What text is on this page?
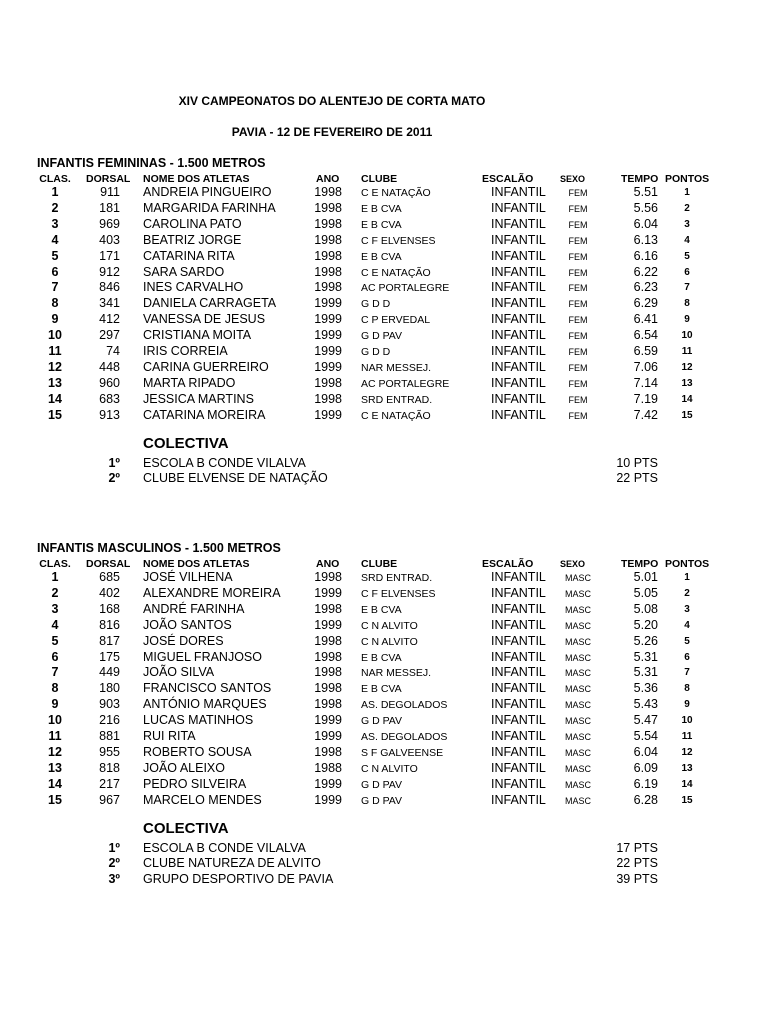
XIV CAMPEONATOS DO ALENTEJO DE CORTA MATO
PAVIA - 12 DE FEVEREIRO DE 2011
INFANTIS FEMININAS - 1.500 METROS
CLAS.	DORSAL NOME DOS ATLETAS	ANO CLUBE	ESCALÃO	SEXO	TEMPO PONTOS
1	911 ANDREIA PINGUEIRO	1998 C E NATAÇÃO	INFANTIL	FEM	5.51	1
2	181 MARGARIDA FARINHA	1998 E B CVA	INFANTIL	FEM	5.56	2
3	969 CAROLINA PATO	1998 E B CVA	INFANTIL	FEM	6.04	3
4	403 BEATRIZ JORGE	1998 C F ELVENSES	INFANTIL	FEM	6.13	4
5	171 CATARINA RITA	1998 E B CVA	INFANTIL	FEM	6.16	5
6	912 SARA SARDO	1998 C E NATAÇÃO	INFANTIL	FEM	6.22	6
7	846 INES CARVALHO	1998 AC PORTALEGRE	INFANTIL	FEM	6.23	7
8	341 DANIELA CARRAGETA	1999 G D D	INFANTIL	FEM	6.29	8
9	412 VANESSA DE JESUS	1999 C P ERVEDAL	INFANTIL	FEM	6.41	9
10	297 CRISTIANA MOITA	1999 G D PAV	INFANTIL	FEM	6.54	10
11	74 IRIS CORREIA	1999 G D D	INFANTIL	FEM	6.59	11
12	448 CARINA GUERREIRO	1999 NAR MESSEJ.	INFANTIL	FEM	7.06	12
13	960 MARTA RIPADO	1998 AC PORTALEGRE	INFANTIL	FEM	7.14	13
14	683 JESSICA MARTINS	1998 SRD ENTRAD.	INFANTIL	FEM	7.19	14
15	913 CATARINA MOREIRA	1999 C E NATAÇÃO	INFANTIL	FEM	7.42	15
COLECTIVA
1º ESCOLA B CONDE VILALVA	10 PTS
2º CLUBE ELVENSE DE NATAÇÃO	22 PTS
INFANTIS MASCULINOS - 1.500 METROS
CLAS.	DORSAL NOME DOS ATLETAS	ANO CLUBE	ESCALÃO	SEXO	TEMPO PONTOS
1	685 JOSÉ VILHENA	1998 SRD ENTRAD.	INFANTIL	MASC	5.01	1
2	402 ALEXANDRE MOREIRA	1999 C F ELVENSES	INFANTIL	MASC	5.05	2
3	168 ANDRÉ FARINHA	1998 E B CVA	INFANTIL	MASC	5.08	3
4	816 JOÃO SANTOS	1999 C N ALVITO	INFANTIL	MASC	5.20	4
5	817 JOSÉ DORES	1998 C N ALVITO	INFANTIL	MASC	5.26	5
6	175 MIGUEL FRANJOSO	1998 E B CVA	INFANTIL	MASC	5.31	6
7	449 JOÃO SILVA	1998 NAR MESSEJ.	INFANTIL	MASC	5.31	7
8	180 FRANCISCO SANTOS	1998 E B CVA	INFANTIL	MASC	5.36	8
9	903 ANTÓNIO MARQUES	1998 AS. DEGOLADOS	INFANTIL	MASC	5.43	9
10	216 LUCAS MATINHOS	1999 G D PAV	INFANTIL	MASC	5.47	10
11	881 RUI RITA	1999 AS. DEGOLADOS	INFANTIL	MASC	5.54	11
12	955 ROBERTO SOUSA	1998 S F GALVEENSE	INFANTIL	MASC	6.04	12
13	818 JOÃO ALEIXO	1988 C N ALVITO	INFANTIL	MASC	6.09	13
14	217 PEDRO SILVEIRA	1999 G D PAV	INFANTIL	MASC	6.19	14
15	967 MARCELO MENDES	1999 G D PAV	INFANTIL	MASC	6.28	15
COLECTIVA
1º ESCOLA B CONDE VILALVA	17 PTS
2º CLUBE NATUREZA DE ALVITO	22 PTS
3º GRUPO DESPORTIVO DE PAVIA	39 PTS
